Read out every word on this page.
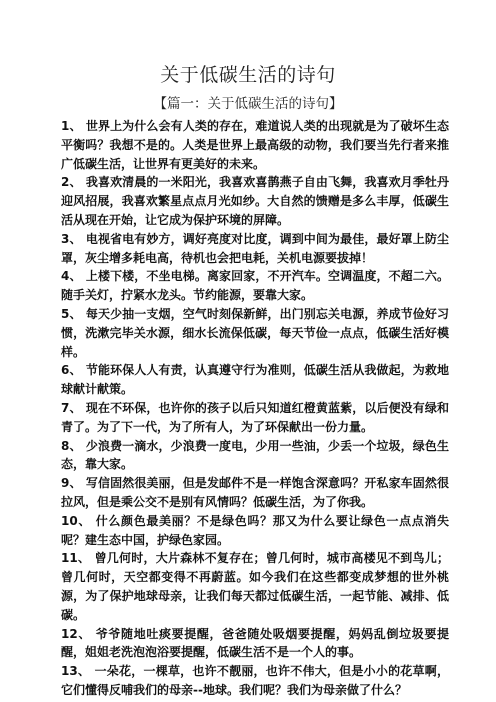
关于低碳生活的诗句
【篇一：关于低碳生活的诗句】

1、 世界上为什么会有人类的存在，难道说人类的出现就是为了破坏生态平衡吗？我想不是的。人类是世界上最高级的动物，我们要当先行者来推广低碳生活，让世界有更美好的未来。

2、 我喜欢清晨的一米阳光，我喜欢喜鹊燕子自由飞舞，我喜欢月季牡丹迎风招展，我喜欢繁星点点月光如纱。大自然的馈赠是多么丰厚，低碳生活从现在开始，让它成为保护环境的屏障。

3、 电视省电有妙方，调好亮度对比度，调到中间为最佳，最好罩上防尘罩，灰尘增多耗电高，待机也会把电耗，关机电源要拔掉！

4、 上楼下楼，不坐电梯。离家回家，不开汽车。空调温度，不超二六。随手关灯，拧紧水龙头。节约能源，要靠大家。

5、 每天少抽一支烟，空气时刻保新鲜，出门别忘关电源，养成节俭好习惯，洗漱完毕关水源，细水长流保低碳，每天节俭一点点，低碳生活好模样。

6、 节能环保人人有责，认真遵守行为准则，低碳生活从我做起，为救地球献计献策。

7、 现在不环保，也许你的孩子以后只知道红橙黄蓝紫，以后便没有绿和青了。为了下一代，为了所有人，为了环保献出一份力量。

8、 少浪费一滴水，少浪费一度电，少用一些油，少丢一个垃圾，绿色生态，靠大家。

9、 写信固然很美丽，但是发邮件不是一样饱含深意吗？开私家车固然很拉风，但是乘公交不是别有风情吗？低碳生活，为了你我。

10、 什么颜色最美丽？不是绿色吗？那又为什么要让绿色一点点消失呢？建生态中国，护绿色家园。

11、 曾几何时，大片森林不复存在；曾几何时，城市高楼见不到鸟儿；曾几何时，天空都变得不再蔚蓝。如今我们在这些都变成梦想的世外桃源，为了保护地球母亲，让我们每天都过低碳生活，一起节能、减排、低碳。

12、 爷爷随地吐痰要提醒，爸爸随处吸烟要提醒，妈妈乱倒垃圾要提醒，姐姐老洗泡泡浴要提醒，低碳生活不是一个人的事。

13、 一朵花，一棵草，也许不靓丽，也许不伟大，但是小小的花草啊，它们懂得反哺我们的母亲--地球。我们呢？我们为母亲做了什么？
